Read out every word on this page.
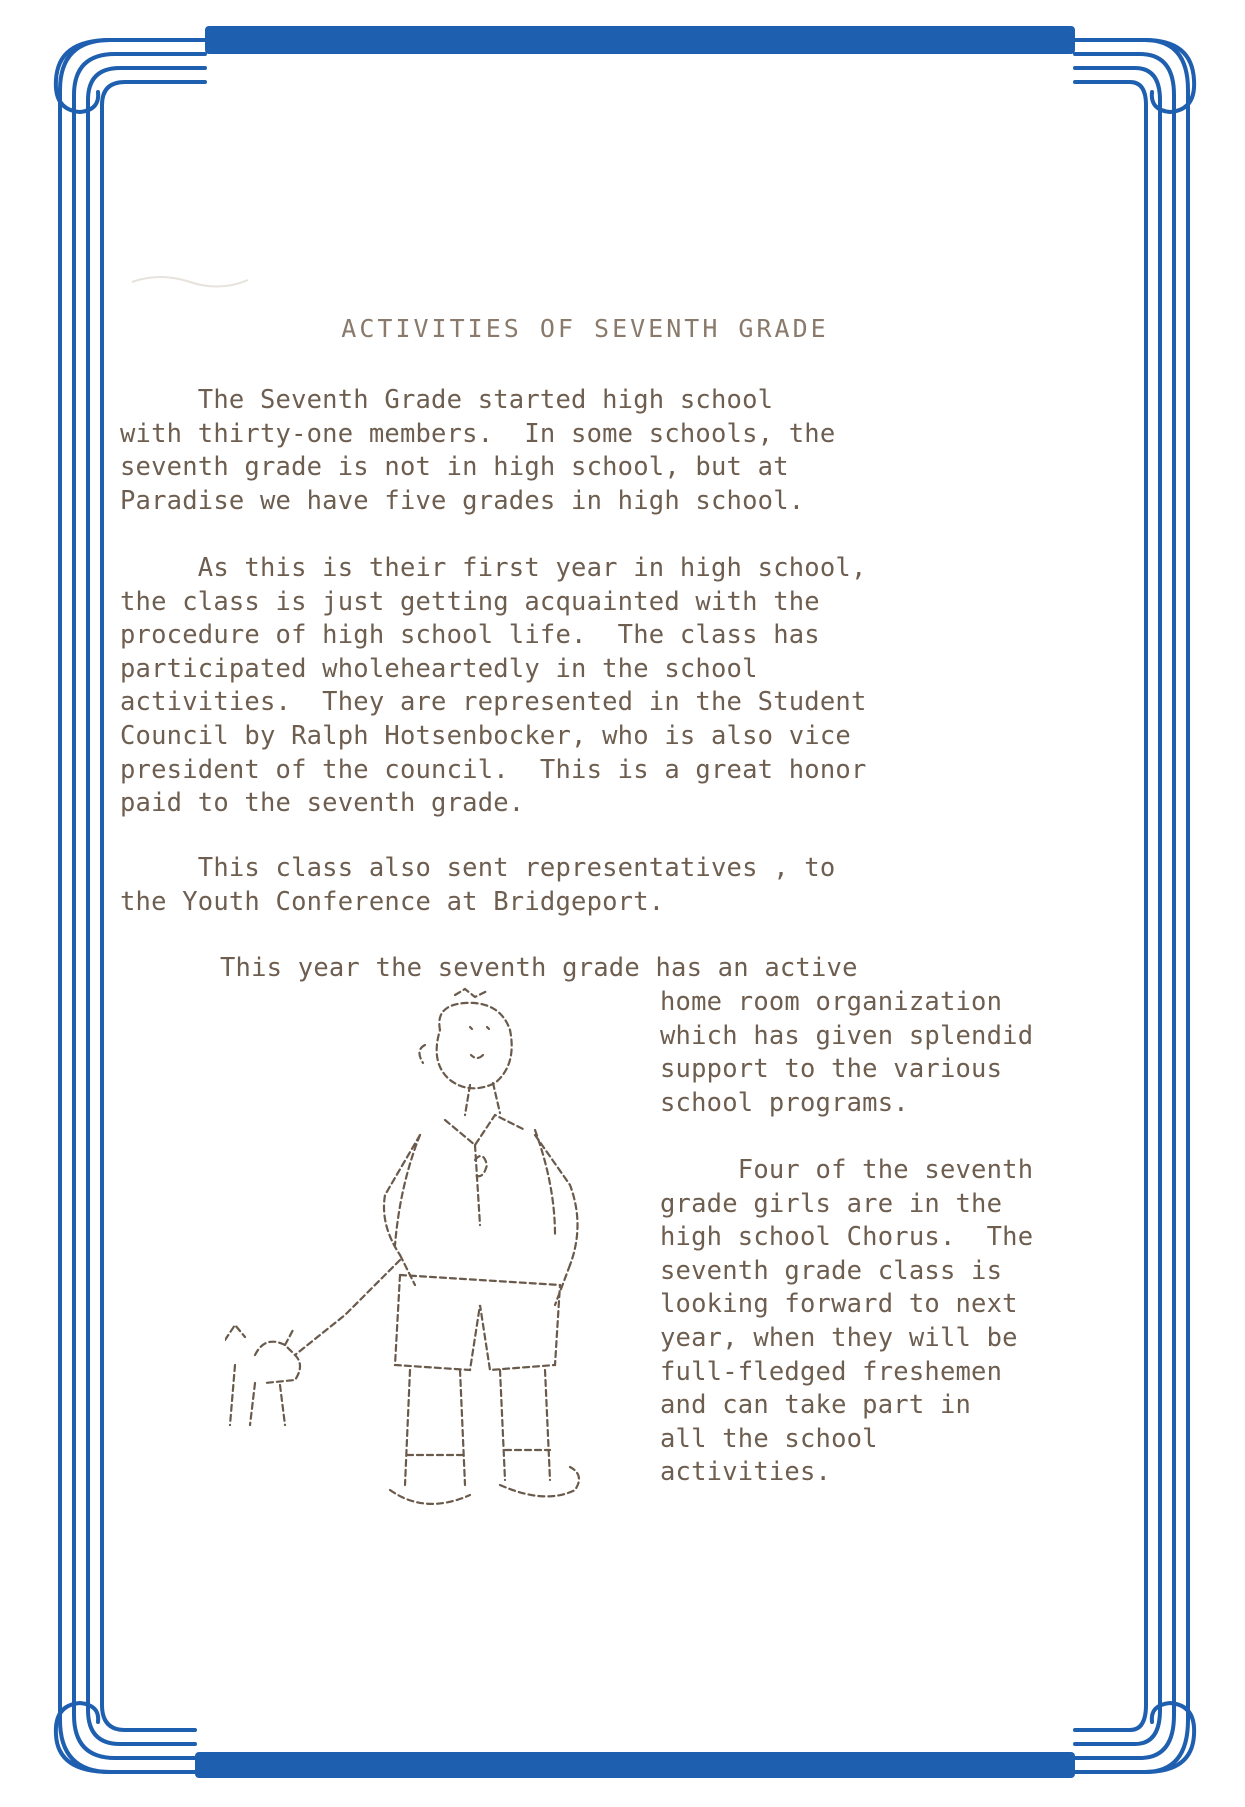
ACTIVITIES OF SEVENTH GRADE

The Seventh Grade started high school
with thirty-one members.  In some schools, the
seventh grade is not in high school, but at
Paradise we have five grades in high school.

As this is their first year in high school,
the class is just getting acquainted with the
procedure of high school life.  The class has
participated wholeheartedly in the school
activities.  They are represented in the Student
Council by Ralph Hotsenbocker, who is also vice
president of the council.  This is a great honor
paid to the seventh grade.

This class also sent representatives , to
the Youth Conference at Bridgeport.

This year the seventh grade has an active

home room organization
which has given splendid
support to the various
school programs.

Four of the seventh
grade girls are in the
high school Chorus.  The
seventh grade class is
looking forward to next
year, when they will be
full-fledged freshemen
and can take part in
all the school
activities.
